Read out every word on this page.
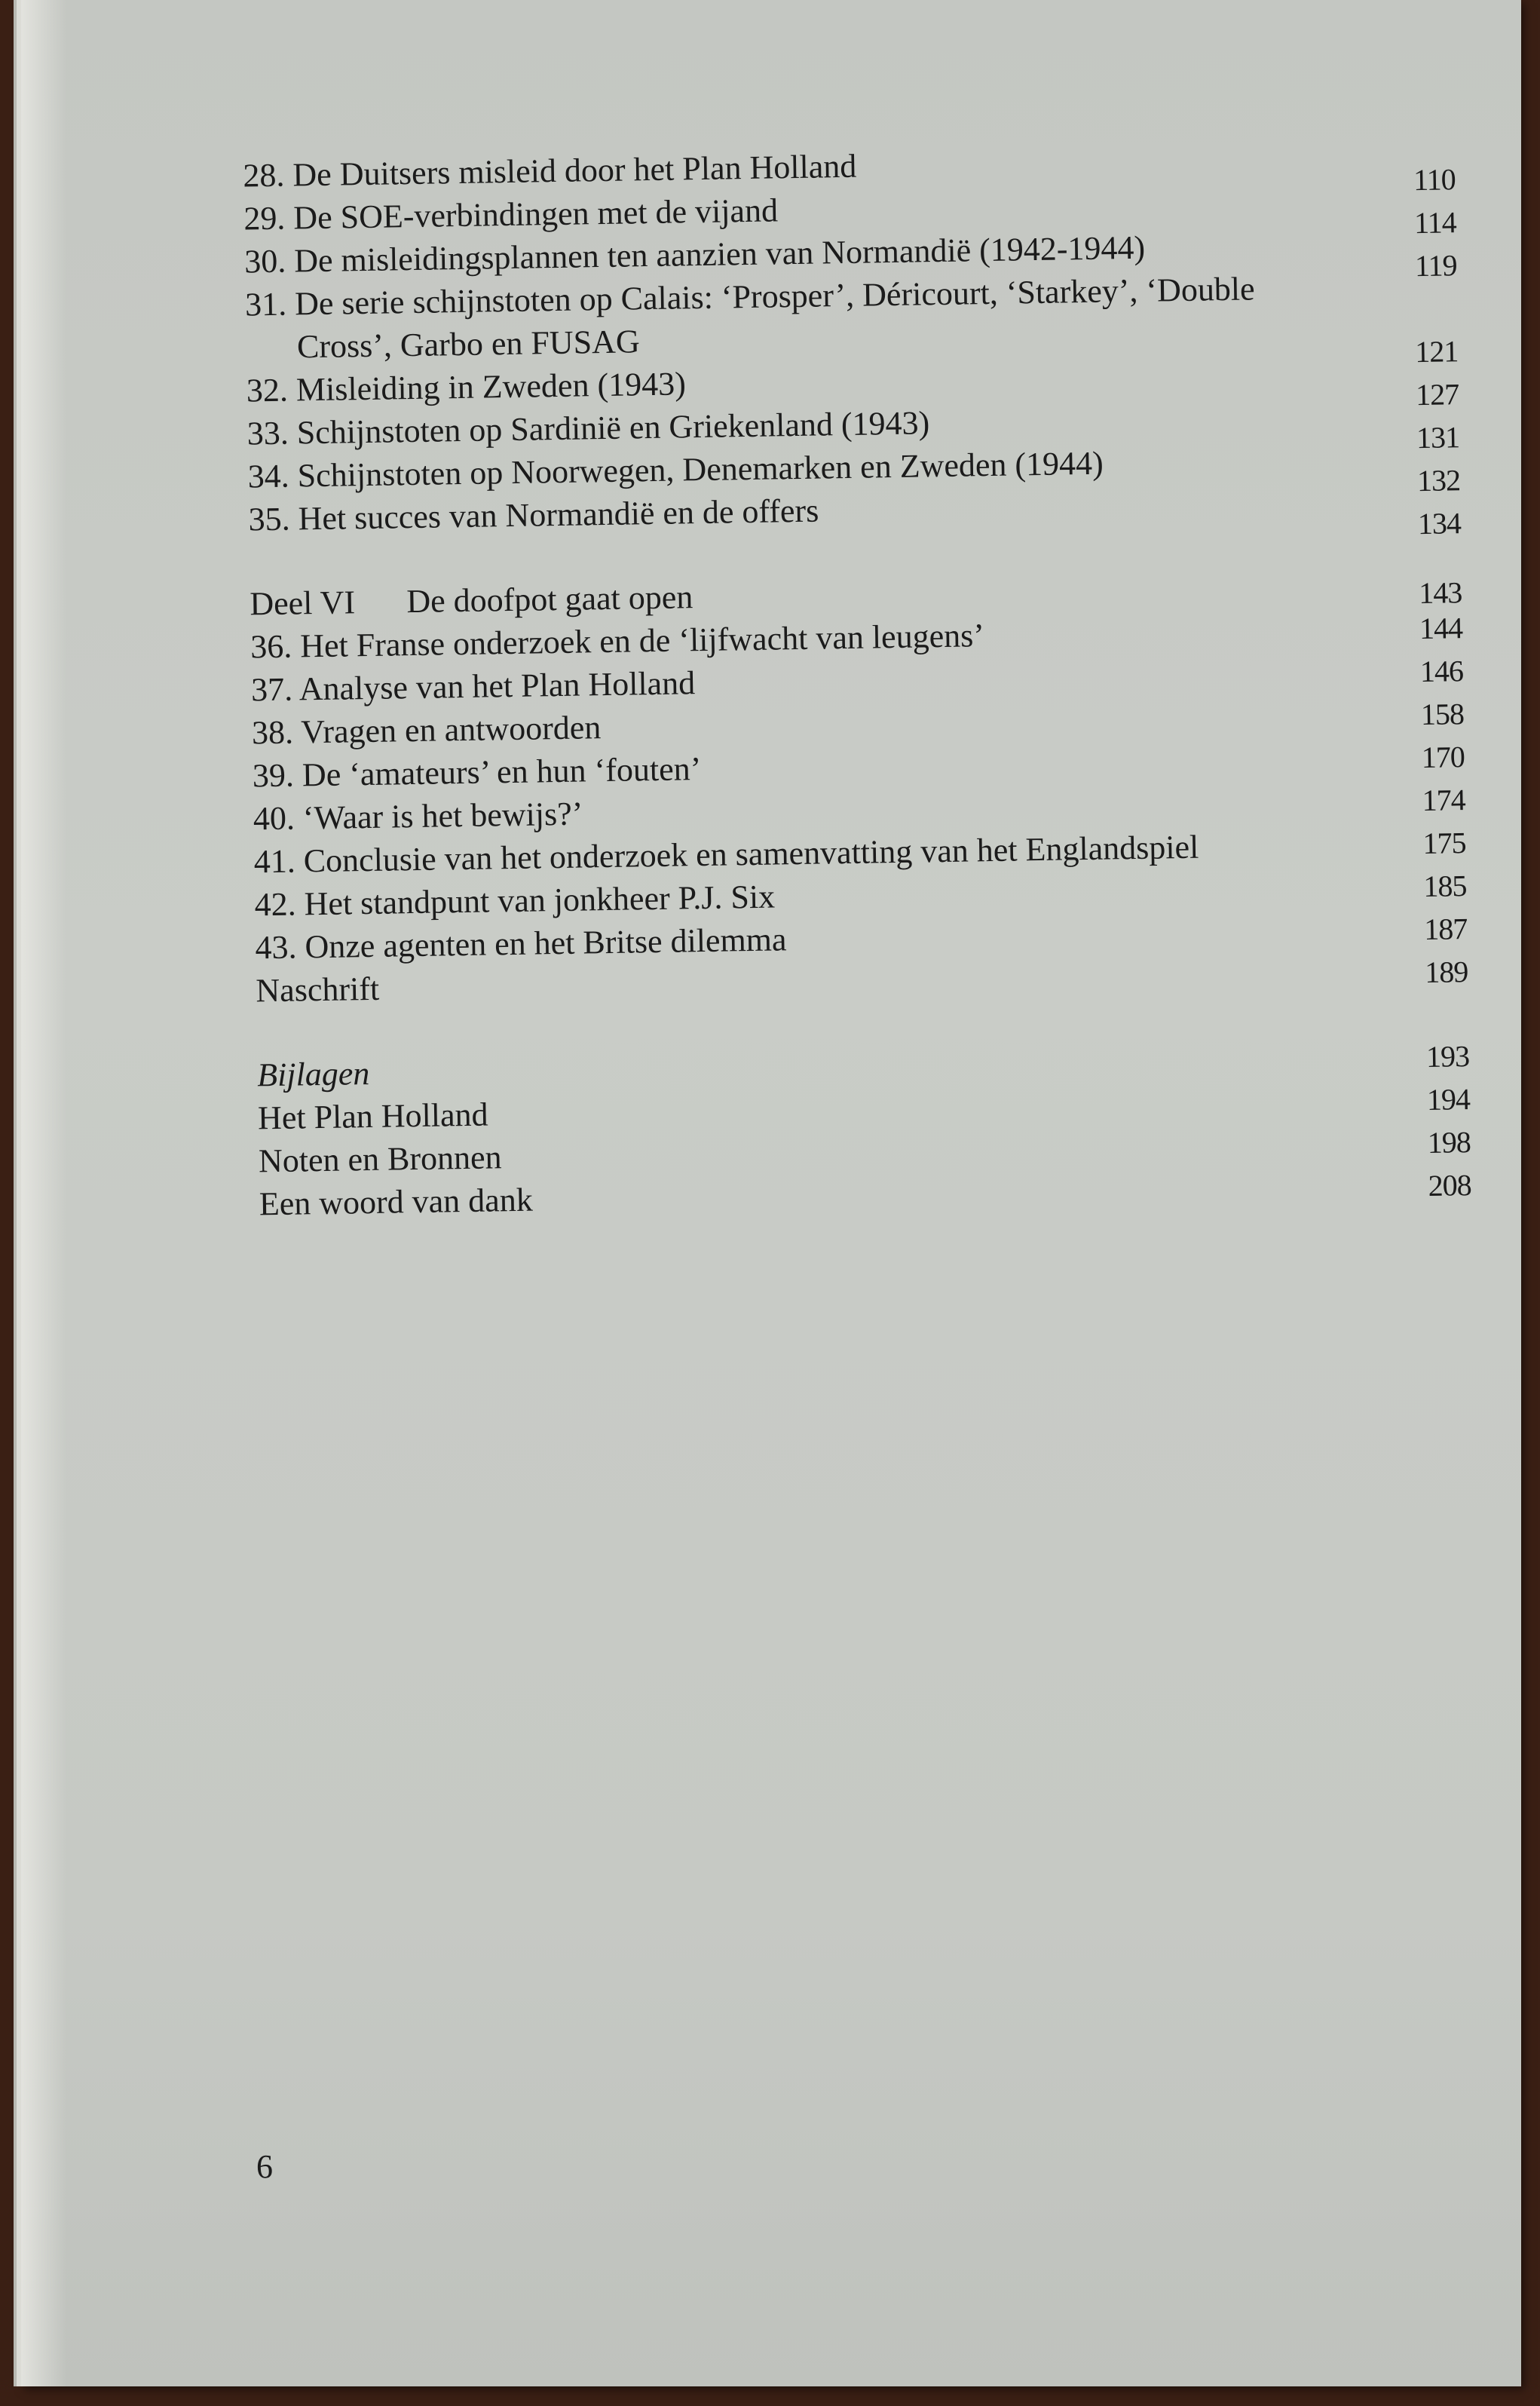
28. De Duitsers misleid door het Plan Holland	110
29. De SOE-verbindingen met de vijand	114
30. De misleidingsplannen ten aanzien van Normandië (1942-1944)	119
31. De serie schijnstoten op Calais: ‘Prosper’, Déricourt, ‘Starkey’, ‘Double
Cross’, Garbo en FUSAG	121
32. Misleiding in Zweden (1943)	127
33. Schijnstoten op Sardinië en Griekenland (1943)	131
34. Schijnstoten op Noorwegen, Denemarken en Zweden (1944)	132
35. Het succes van Normandië en de offers	134
Deel VI De doofpot gaat open	143
36. Het Franse onderzoek en de ‘lijfwacht van leugens’	144
37. Analyse van het Plan Holland	146
38. Vragen en antwoorden	158
39. De ‘amateurs’ en hun ‘fouten’	170
40. ‘Waar is het bewijs?’	174
41. Conclusie van het onderzoek en samenvatting van het Englandspiel	175
42. Het standpunt van jonkheer P.J. Six	185
43. Onze agenten en het Britse dilemma	187
Naschrift	189
Bijlagen	193
Het Plan Holland	194
Noten en Bronnen	198
Een woord van dank	208
6
